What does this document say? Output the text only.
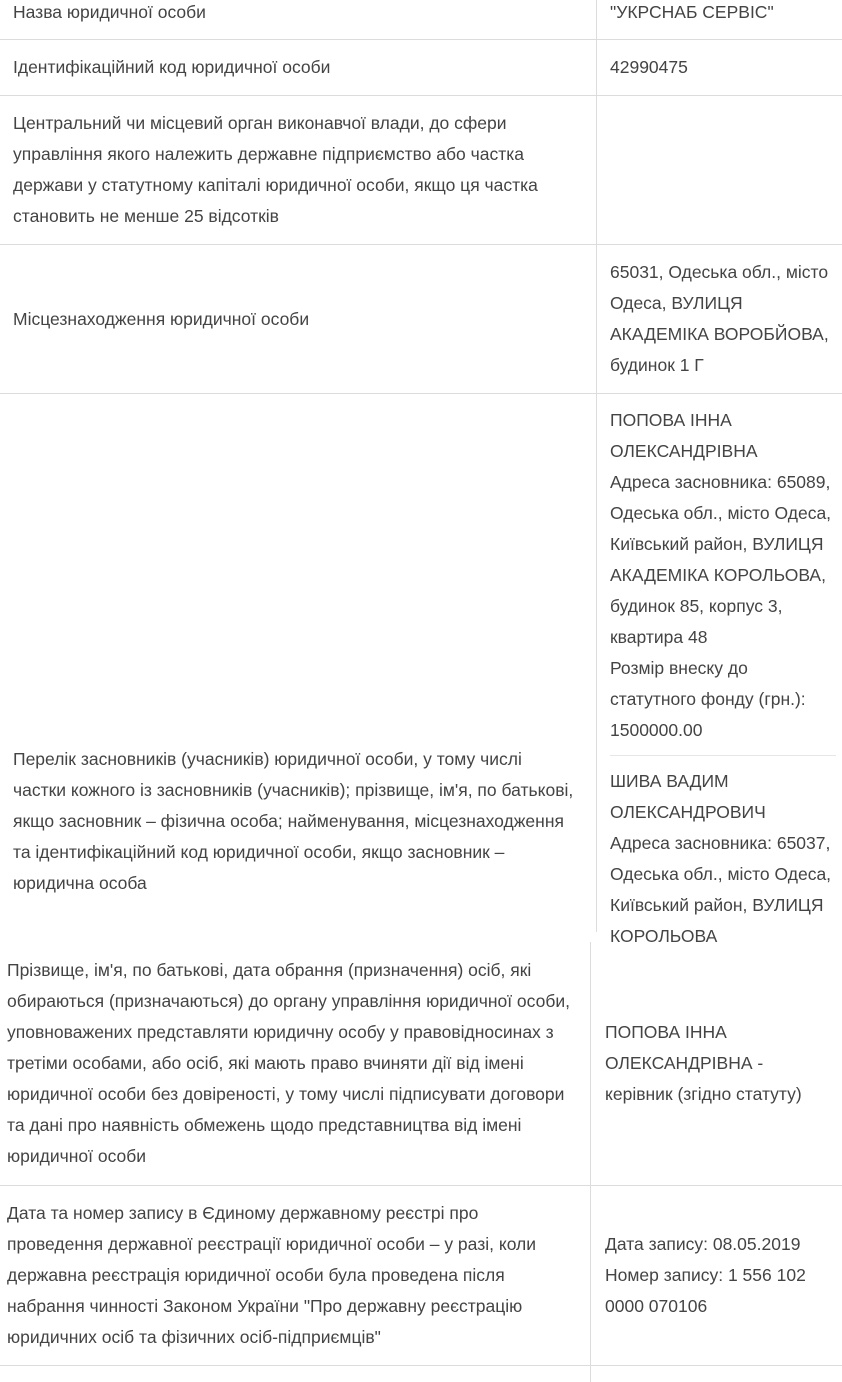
Назва юридичної особи	"УКРСНАБ СЕРВІС"
Ідентифікаційний код юридичної особи	42990475
Центральний чи місцевий орган виконавчої влади, до сфери управління якого належить державне підприємство або частка держави у статутному капіталі юридичної особи, якщо ця частка становить не менше 25 відсотків
Місцезнаходження юридичної особи
65031, Одеська обл., місто Одеса, ВУЛИЦЯ АКАДЕМІКА ВОРОБЙОВА, будинок 1 Г
Перелік засновників (учасників) юридичної особи, у тому числі частки кожного із засновників (учасників); прізвище, ім'я, по батькові, якщо засновник – фізична особа; найменування, місцезнаходження та ідентифікаційний код юридичної особи, якщо засновник – юридична особа
ПОПОВА ІННА ОЛЕКСАНДРІВНА
Адреса засновника: 65089, Одеська обл., місто Одеса, Київський район, ВУЛИЦЯ АКАДЕМІКА КОРОЛЬОВА, будинок 85, корпус 3, квартира 48
Розмір внеску до статутного фонду (грн.): 1500000.00
ШИВА ВАДИМ ОЛЕКСАНДРОВИЧ
Адреса засновника: 65037, Одеська обл., місто Одеса, Київський район, ВУЛИЦЯ КОРОЛЬОВА
Прізвище, ім'я, по батькові, дата обрання (призначення) осіб, які обираються (призначаються) до органу управління юридичної особи, уповноважених представляти юридичну особу у правовідносинах з третіми особами, або осіб, які мають право вчиняти дії від імені юридичної особи без довіреності, у тому числі підписувати договори та дані про наявність обмежень щодо представництва від імені юридичної особи
ПОПОВА ІННА ОЛЕКСАНДРІВНА - керівник (згідно статуту)
Дата та номер запису в Єдиному державному реєстрі про проведення державної реєстрації юридичної особи – у разі, коли державна реєстрація юридичної особи була проведена після набрання чинності Законом України "Про державну реєстрацію юридичних осіб та фізичних осіб-підприємців"
Дата запису: 08.05.2019
Номер запису: 1 556 102 0000 070106
